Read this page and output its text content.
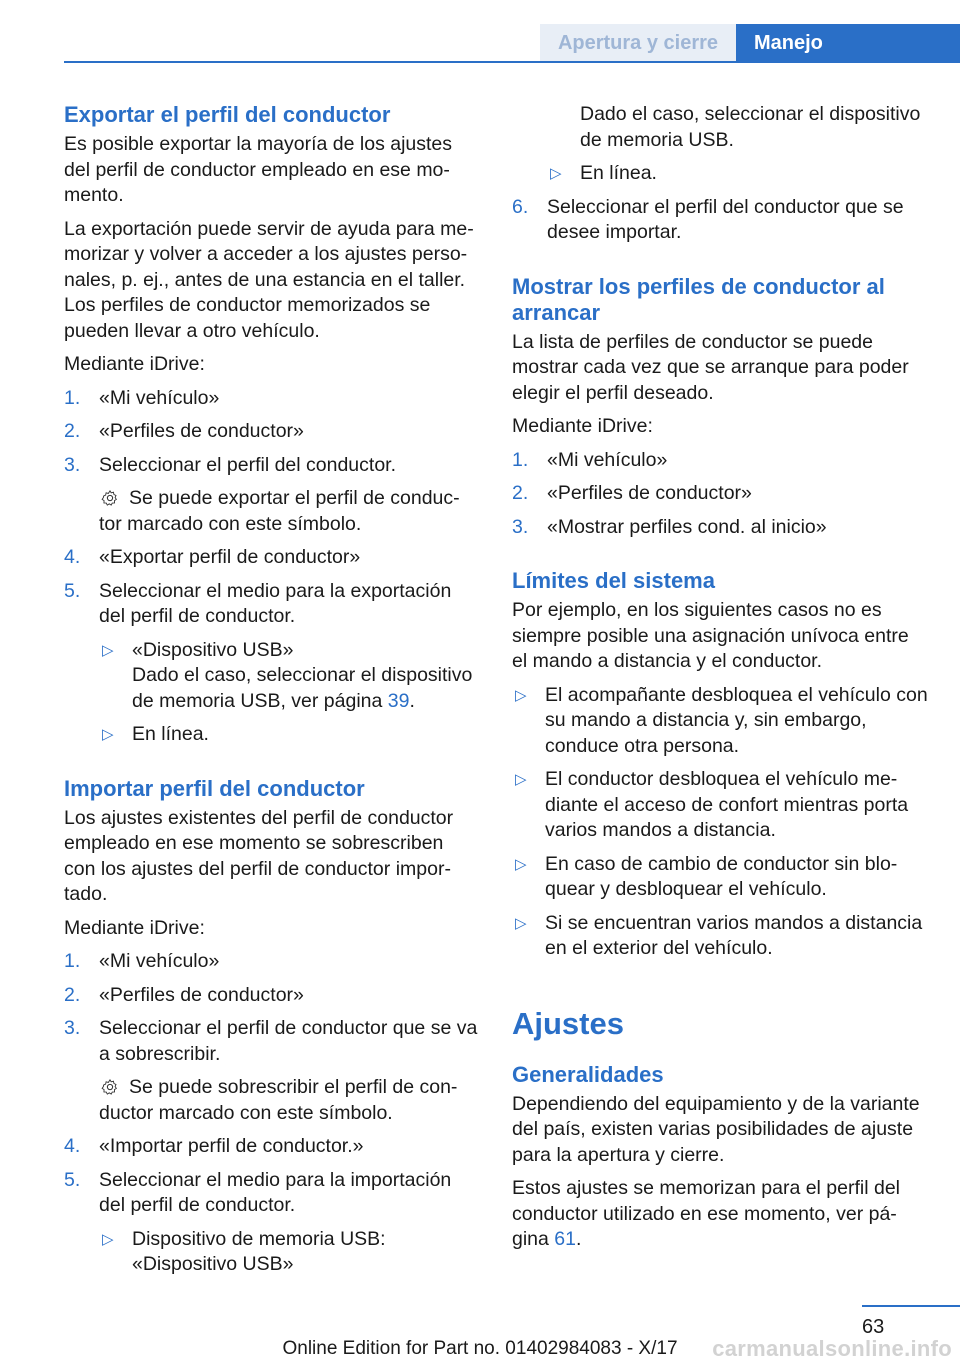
Apertura y cierre	Manejo
Exportar el perfil del conductor

Es posible exportar la mayoría de los ajustes del perfil de conductor empleado en ese mo‐mento.

La exportación puede servir de ayuda para me‐morizar y volver a acceder a los ajustes perso‐nales, p. ej., antes de una estancia en el taller. Los perfiles de conductor memorizados se pueden llevar a otro vehículo.

Mediante iDrive:

1. «Mi vehículo»
2. «Perfiles de conductor»
3. Seleccionar el perfil del conductor.
Se puede exportar el perfil de conduc‐tor marcado con este símbolo.
4. «Exportar perfil de conductor»
5. Seleccionar el medio para la exportación del perfil de conductor.
▷ «Dispositivo USB»
Dado el caso, seleccionar el dispositivo de memoria USB, ver página 39.
▷ En línea.
Importar perfil del conductor

Los ajustes existentes del perfil de conductor empleado en ese momento se sobrescriben con los ajustes del perfil de conductor impor‐tado.

Mediante iDrive:

1. «Mi vehículo»
2. «Perfiles de conductor»
3. Seleccionar el perfil de conductor que se va a sobrescribir.
Se puede sobrescribir el perfil de con‐ductor marcado con este símbolo.
4. «Importar perfil de conductor.»
5. Seleccionar el medio para la importación del perfil de conductor.
▷ Dispositivo de memoria USB: «Dispositivo USB»
Dado el caso, seleccionar el dispositivo de memoria USB.
▷ En línea.
6. Seleccionar el perfil del conductor que se desee importar.
Mostrar los perfiles de conductor al arrancar

La lista de perfiles de conductor se puede mostrar cada vez que se arranque para poder elegir el perfil deseado.

Mediante iDrive:

1. «Mi vehículo»
2. «Perfiles de conductor»
3. «Mostrar perfiles cond. al inicio»
Límites del sistema

Por ejemplo, en los siguientes casos no es siempre posible una asignación unívoca entre el mando a distancia y el conductor.

▷ El acompañante desbloquea el vehículo con su mando a distancia y, sin embargo, conduce otra persona.
▷ El conductor desbloquea el vehículo me‐diante el acceso de confort mientras porta varios mandos a distancia.
▷ En caso de cambio de conductor sin blo‐quear y desbloquear el vehículo.
▷ Si se encuentran varios mandos a distancia en el exterior del vehículo.
Ajustes
Generalidades

Dependiendo del equipamiento y de la variante del país, existen varias posibilidades de ajuste para la apertura y cierre.

Estos ajustes se memorizan para el perfil del conductor utilizado en ese momento, ver pá‐gina 61.

63
Online Edition for Part no. 01402984083 - X/17	carmanualsonline.info
